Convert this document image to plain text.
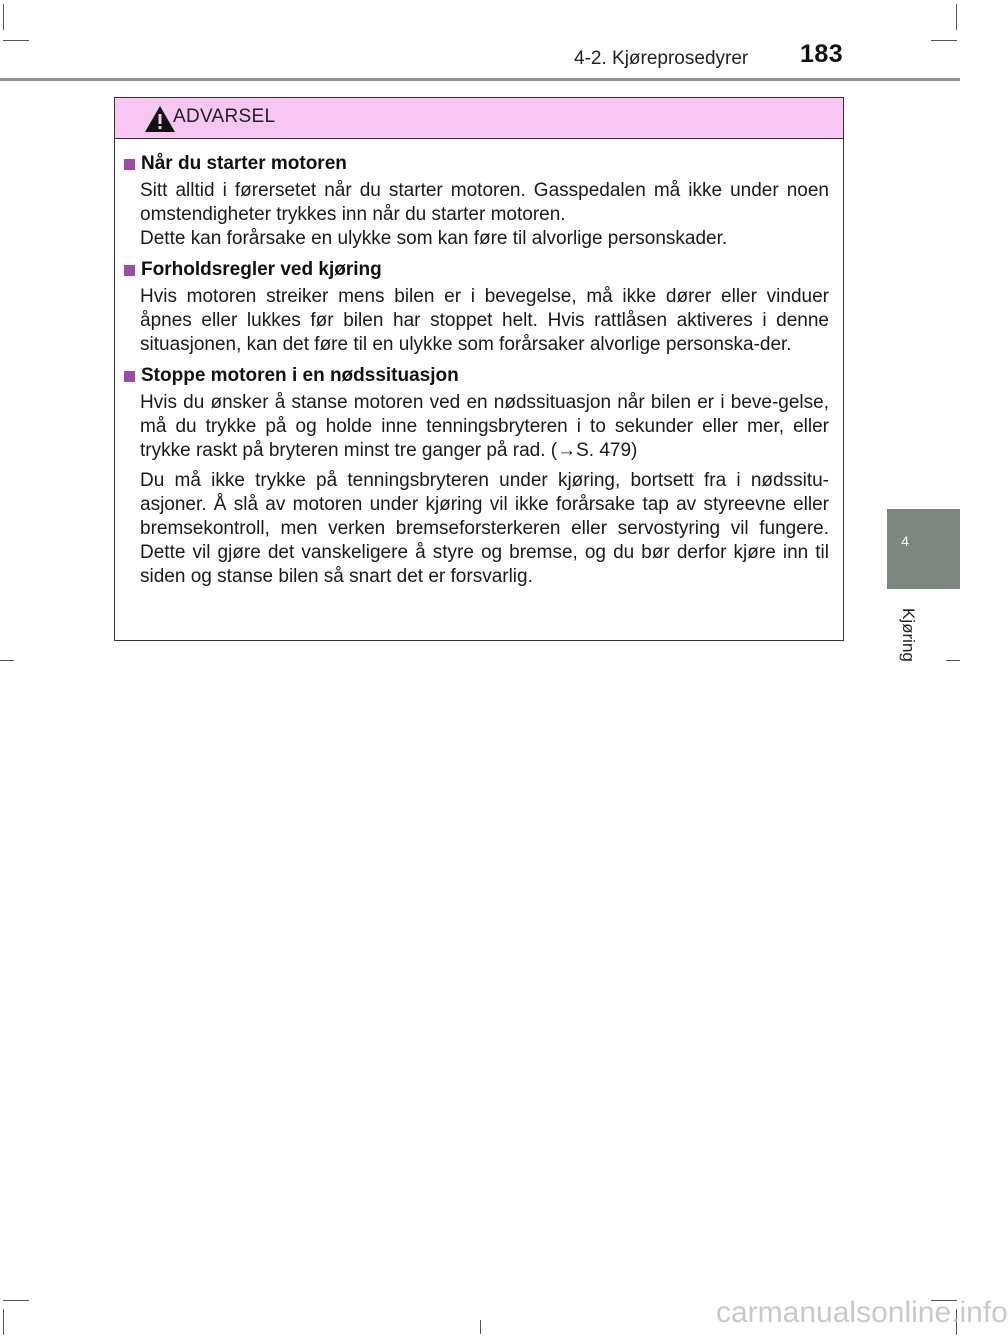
4-2. Kjøreprosedyrer 183
4
Kjøring
ADVARSEL
Når du starter motoren
Sitt alltid i førersetet når du starter motoren. Gasspedalen må ikke under noen omstendigheter trykkes inn når du starter motoren.
Dette kan forårsake en ulykke som kan føre til alvorlige personskader.
Forholdsregler ved kjøring
Hvis motoren streiker mens bilen er i bevegelse, må ikke dører eller vinduer åpnes eller lukkes før bilen har stoppet helt. Hvis rattlåsen aktiveres i denne situasjonen, kan det føre til en ulykke som forårsaker alvorlige personska-der.
Stoppe motoren i en nødssituasjon
Hvis du ønsker å stanse motoren ved en nødssituasjon når bilen er i beve-gelse, må du trykke på og holde inne tenningsbryteren i to sekunder eller mer, eller trykke raskt på bryteren minst tre ganger på rad. (→S. 479)
Du må ikke trykke på tenningsbryteren under kjøring, bortsett fra i nødssitu-asjoner. Å slå av motoren under kjøring vil ikke forårsake tap av styreevne eller bremsekontroll, men verken bremseforsterkeren eller servostyring vil fungere. Dette vil gjøre det vanskeligere å styre og bremse, og du bør derfor kjøre inn til siden og stanse bilen så snart det er forsvarlig.
carmanualsonline.info
